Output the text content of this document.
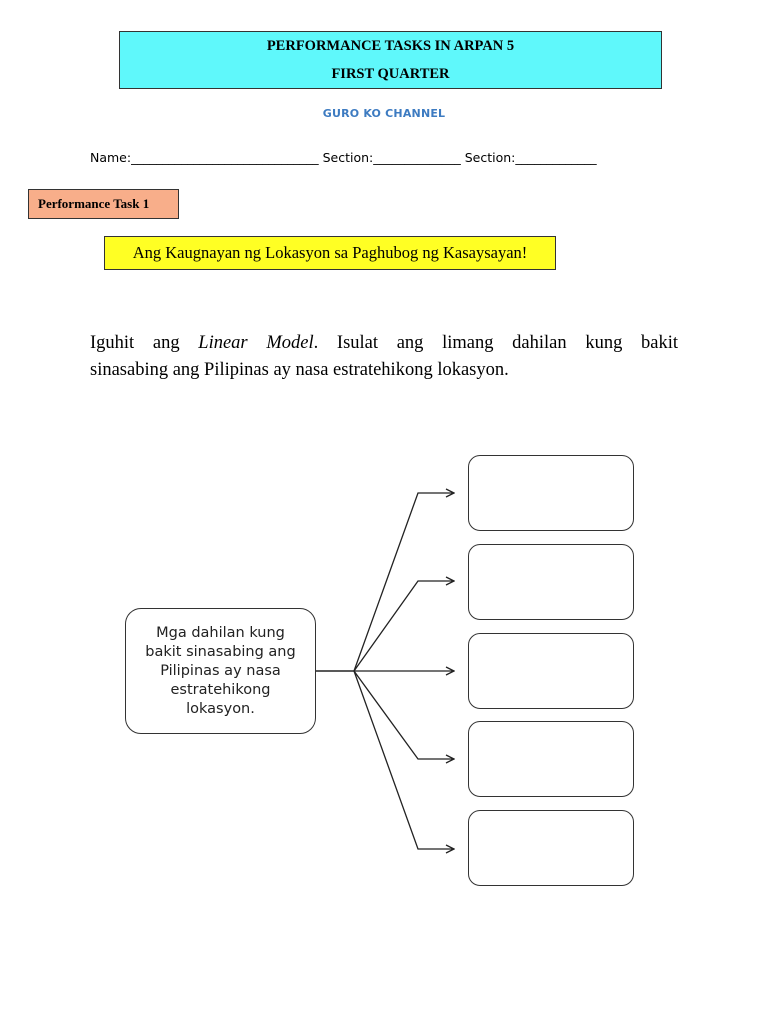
PERFORMANCE TASKS IN ARPAN 5
FIRST QUARTER
GURO KO CHANNEL
Name:______________________________ Section:______________ Section:_____________
Performance Task 1
Ang Kaugnayan ng Lokasyon sa Paghubog ng Kasaysayan!
Iguhit ang Linear Model. Isulat ang limang dahilan kung bakit
sinasabing ang Pilipinas ay nasa estratehikong lokasyon.
Mga dahilan kung bakit sinasabing ang Pilipinas ay nasa estratehikong lokasyon.
